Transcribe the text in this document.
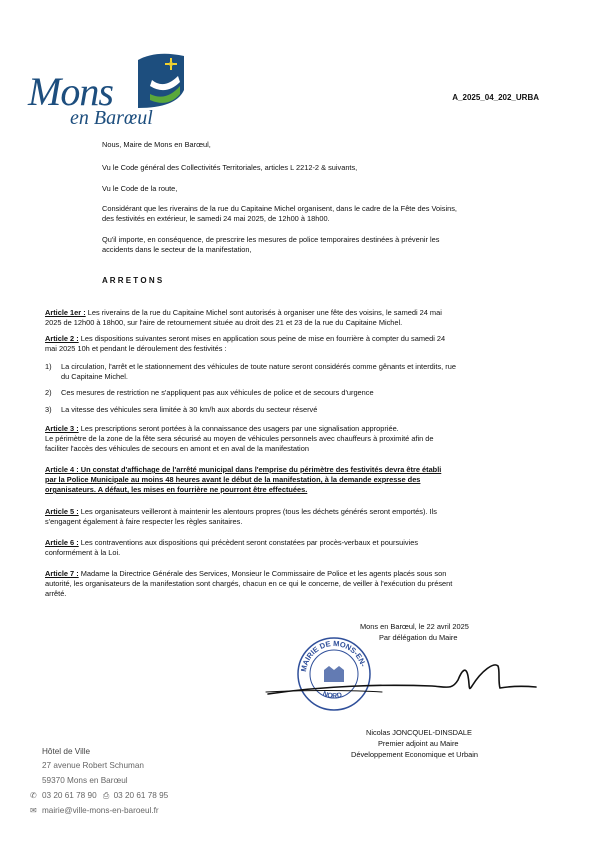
Mons
en Barœul
A_2025_04_202_URBA
Nous, Maire de Mons en Barœul,
Vu le Code général des Collectivités Territoriales, articles L 2212-2 & suivants,
Vu le Code de la route,
Considérant que les riverains de la rue du Capitaine Michel organisent, dans le cadre de la Fête des Voisins,
des festivités en extérieur, le samedi 24 mai 2025, de 12h00 à 18h00.
Qu'il importe, en conséquence, de prescrire les mesures de police temporaires destinées à prévenir les
accidents dans le secteur de la manifestation,
A R R E T O N S
Article 1er : Les riverains de la rue du Capitaine Michel sont autorisés à organiser une fête des voisins, le samedi 24 mai
2025 de 12h00 à 18h00, sur l'aire de retournement située au droit des 21 et 23 de la rue du Capitaine Michel.
Article 2 : Les dispositions suivantes seront mises en application sous peine de mise en fourrière à compter du samedi 24
mai 2025 10h et pendant le déroulement des festivités :
1) La circulation, l'arrêt et le stationnement des véhicules de toute nature seront considérés comme gênants et interdits, rue
du Capitaine Michel.
2) Ces mesures de restriction ne s'appliquent pas aux véhicules de police et de secours d'urgence
3) La vitesse des véhicules sera limitée à 30 km/h aux abords du secteur réservé
Article 3 : Les prescriptions seront portées à la connaissance des usagers par une signalisation appropriée.
Le périmètre de la zone de la fête sera sécurisé au moyen de véhicules personnels avec chauffeurs à proximité afin de
faciliter l'accès des véhicules de secours en amont et en aval de la manifestation
Article 4 : Un constat d'affichage de l'arrêté municipal dans l'emprise du périmètre des festivités devra être établi
par la Police Municipale au moins 48 heures avant le début de la manifestation, à la demande expresse des
organisateurs. A défaut, les mises en fourrière ne pourront être effectuées.
Article 5 : Les organisateurs veilleront à maintenir les alentours propres (tous les déchets générés seront emportés). Ils
s'engagent également à faire respecter les règles sanitaires.
Article 6 : Les contraventions aux dispositions qui précèdent seront constatées par procès-verbaux et poursuivies
conformément à la Loi.
Article 7 : Madame la Directrice Générale des Services, Monsieur le Commissaire de Police et les agents placés sous son
autorité, les organisateurs de la manifestation sont chargés, chacun en ce qui le concerne, de veiller à l'exécution du présent
arrêté.
Mons en Barœul, le 22 avril 2025
Par délégation du Maire
MAIRIE DE MONS-EN-
NORD
Nicolas JONCQUEL-DINSDALE
Premier adjoint au Maire
Développement Economique et Urbain
Hôtel de Ville
27 avenue Robert Schuman
59370 Mons en Barœul
✆ 03 20 61 78 90 ⎙ 03 20 61 78 95
✉ mairie@ville-mons-en-baroeul.fr
